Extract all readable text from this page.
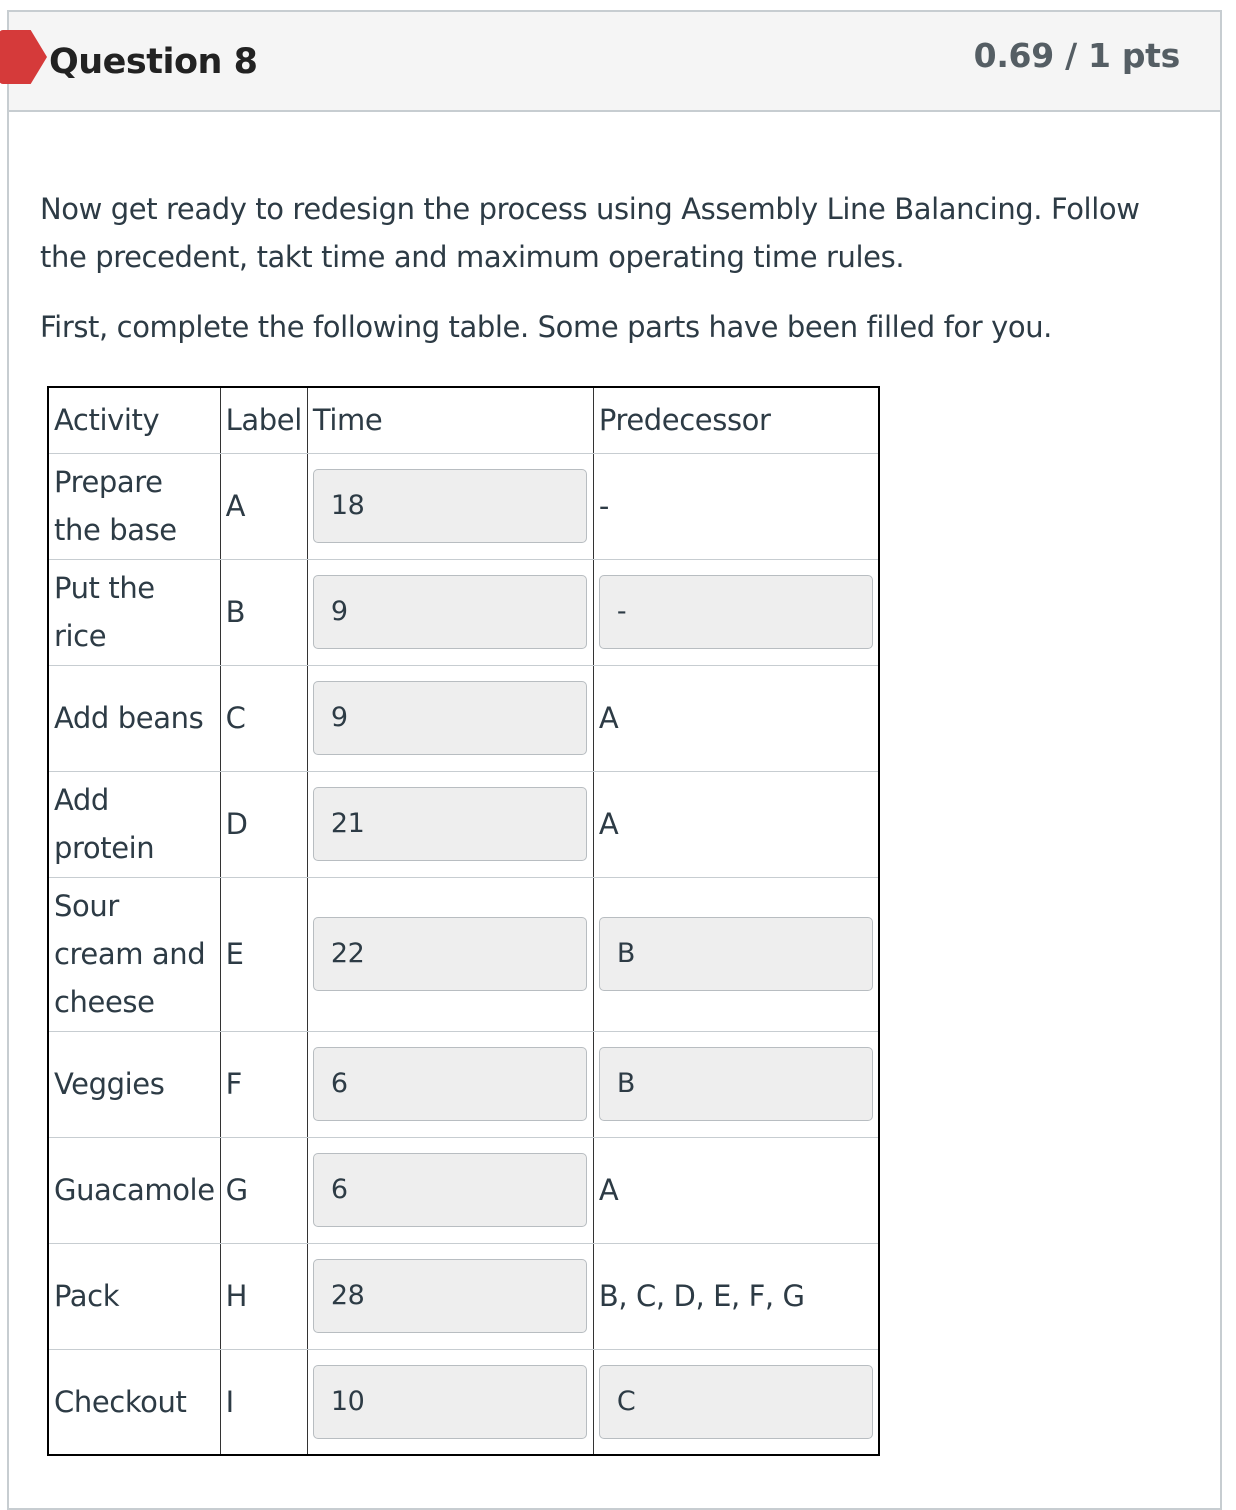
Question 8	0.69 / 1 pts

Now get ready to redesign the process using Assembly Line Balancing. Follow the precedent, takt time and maximum operating time rules.

First, complete the following table. Some parts have been filled for you.

Activity	Label	Time	Predecessor
Prepare the base	A	18	-
Put the rice	B	9	-

Add beans	C	9	A
Add protein	D	21	A
Sour cream and cheese	E	22	B

Veggies	F	6	B

Guacamole	G	6	A
Pack	H	28	B, C, D, E, F, G
Checkout	I	10	C
